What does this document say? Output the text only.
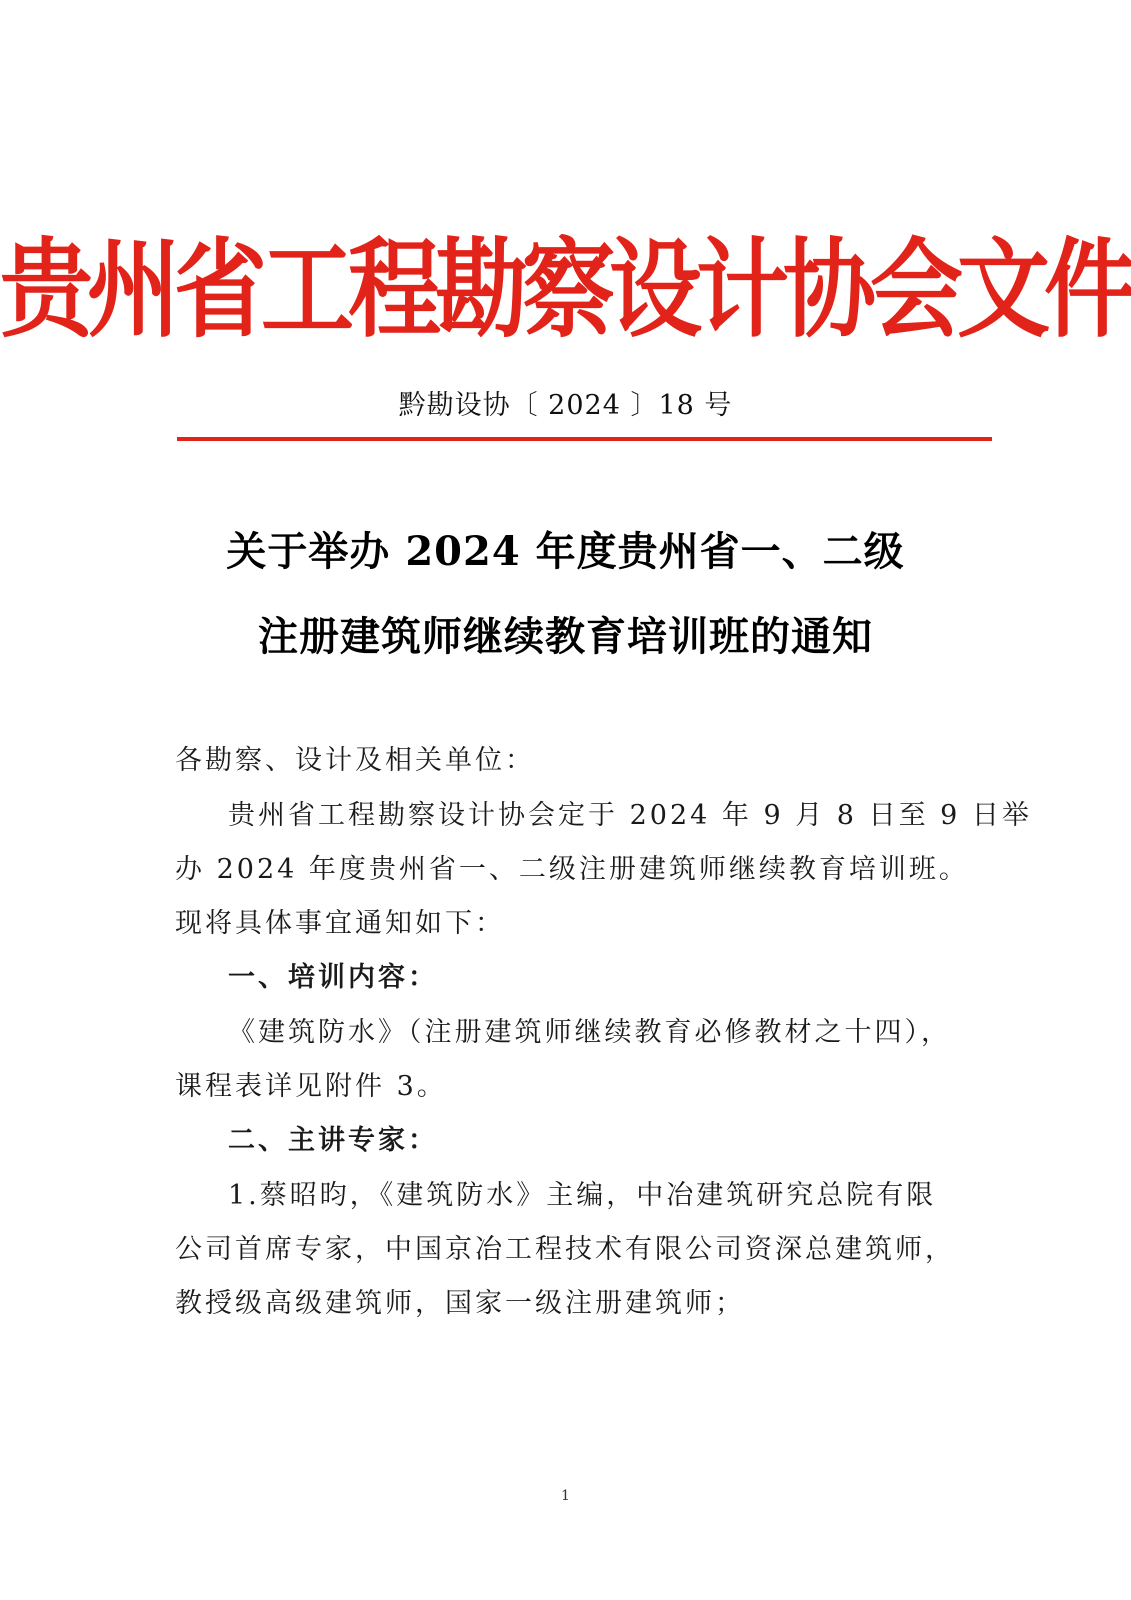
贵州省工程勘察设计协会文件
黔勘设协〔 2024 〕18 号
关于举办 2024 年度贵州省一、二级
注册建筑师继续教育培训班的通知
各勘察、设计及相关单位：
贵州省工程勘察设计协会定于 2024 年 9 月 8 日至 9 日举
办 2024 年度贵州省一、二级注册建筑师继续教育培训班。
现将具体事宜通知如下：
一、培训内容：
《建筑防水》（注册建筑师继续教育必修教材之十四），
课程表详见附件 3。
二、主讲专家：
1.蔡昭昀，《建筑防水》主编，中冶建筑研究总院有限
公司首席专家，中国京冶工程技术有限公司资深总建筑师，
教授级高级建筑师，国家一级注册建筑师；
1
